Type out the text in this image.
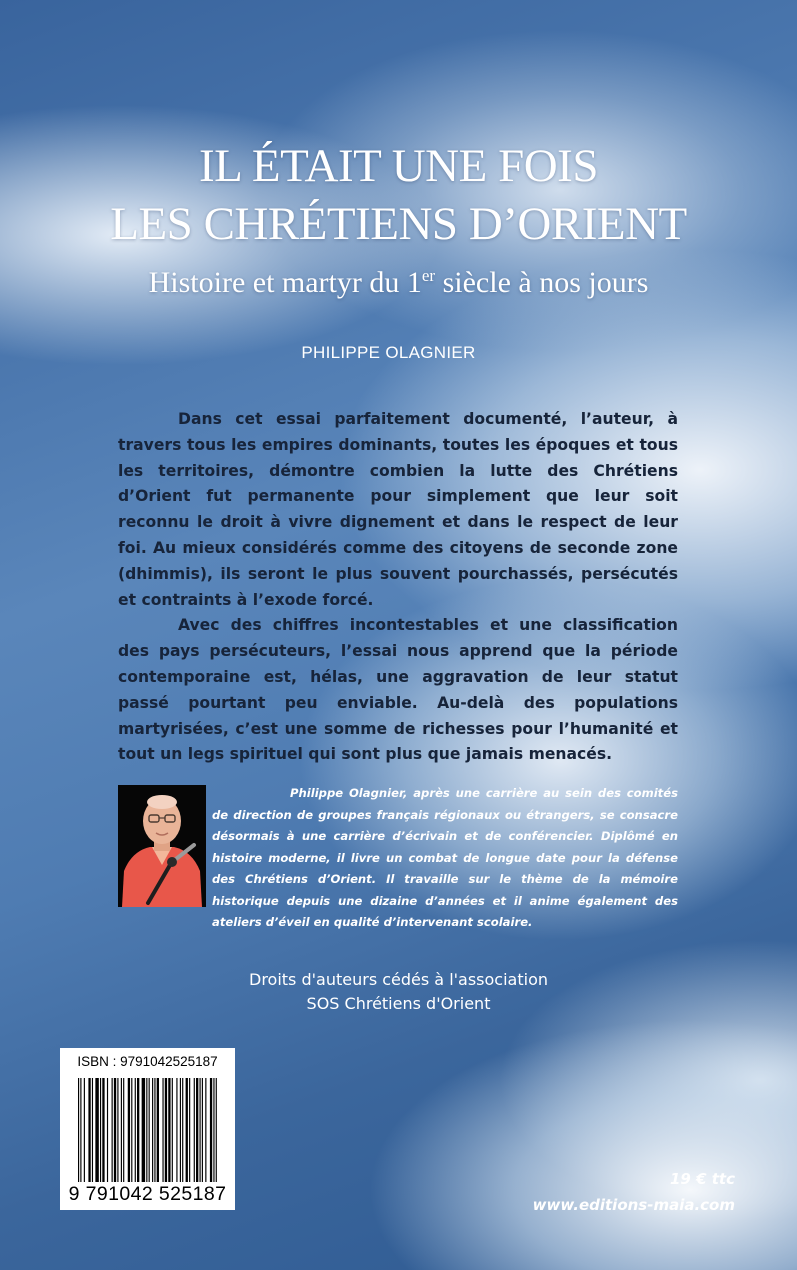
IL ÉTAIT UNE FOIS
LES CHRÉTIENS D’ORIENT
Histoire et martyr du 1er siècle à nos jours
PHILIPPE OLAGNIER

Dans cet essai parfaitement documenté, l’auteur, à travers tous les empires dominants, toutes les époques et tous les territoires, démontre combien la lutte des Chrétiens d’Orient fut permanente pour simplement que leur soit reconnu le droit à vivre dignement et dans le respect de leur foi. Au mieux considérés comme des citoyens de seconde zone (dhimmis), ils seront le plus souvent pourchassés, persécutés et contraints à l’exode forcé.

Avec des chiffres incontestables et une classification des pays persécuteurs, l’essai nous apprend que la période contemporaine est, hélas, une aggravation de leur statut passé pourtant peu enviable. Au-delà des populations martyrisées, c’est une somme de richesses pour l’humanité et tout un legs spirituel qui sont plus que jamais menacés.

Philippe Olagnier, après une carrière au sein des comités de direction de groupes français régionaux ou étrangers, se consacre désormais à une carrière d’écrivain et de conférencier. Diplômé en histoire moderne, il livre un combat de longue date pour la défense des Chrétiens d’Orient. Il travaille sur le thème de la mémoire historique depuis une dizaine d’années et il anime également des ateliers d’éveil en qualité d’intervenant scolaire.
Droits d'auteurs cédés à l'association
SOS Chrétiens d'Orient
ISBN : 9791042525187
9 791042 525187
19 € ttc
www.editions-maia.com
